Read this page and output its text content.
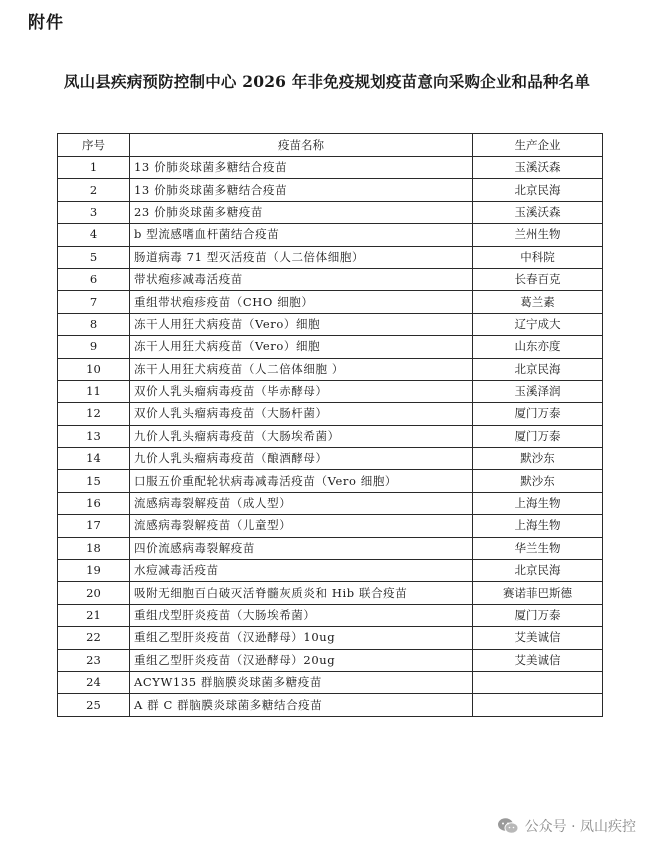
附件
凤山县疾病预防控制中心 2026 年非免疫规划疫苗意向采购企业和品种名单
序号	疫苗名称	生产企业
1	13 价肺炎球菌多糖结合疫苗	玉溪沃森
2	13 价肺炎球菌多糖结合疫苗	北京民海
3	23 价肺炎球菌多糖疫苗	玉溪沃森
4	b 型流感嗜血杆菌结合疫苗	兰州生物
5	肠道病毒 71 型灭活疫苗（人二倍体细胞）	中科院
6	带状疱疹减毒活疫苗	长春百克
7	重组带状疱疹疫苗（CHO 细胞）	葛兰素
8	冻干人用狂犬病疫苗（Vero）细胞	辽宁成大
9	冻干人用狂犬病疫苗（Vero）细胞	山东亦度
10	冻干人用狂犬病疫苗（人二倍体细胞 ）	北京民海
11	双价人乳头瘤病毒疫苗（毕赤酵母）	玉溪泽润
12	双价人乳头瘤病毒疫苗（大肠杆菌）	厦门万泰
13	九价人乳头瘤病毒疫苗（大肠埃希菌）	厦门万泰
14	九价人乳头瘤病毒疫苗（酿酒酵母）	默沙东
15	口服五价重配轮状病毒减毒活疫苗（Vero 细胞）	默沙东
16	流感病毒裂解疫苗（成人型）	上海生物
17	流感病毒裂解疫苗（儿童型）	上海生物
18	四价流感病毒裂解疫苗	华兰生物
19	水痘减毒活疫苗	北京民海
20	吸附无细胞百白破灭活脊髓灰质炎和 Hib 联合疫苗	赛诺菲巴斯德
21	重组戊型肝炎疫苗（大肠埃希菌）	厦门万泰
22	重组乙型肝炎疫苗（汉逊酵母）10ug	艾美诚信
23	重组乙型肝炎疫苗（汉逊酵母）20ug	艾美诚信
24	ACYW135 群脑膜炎球菌多糖疫苗	
25	A 群 C 群脑膜炎球菌多糖结合疫苗	
公众号 · 凤山疾控
